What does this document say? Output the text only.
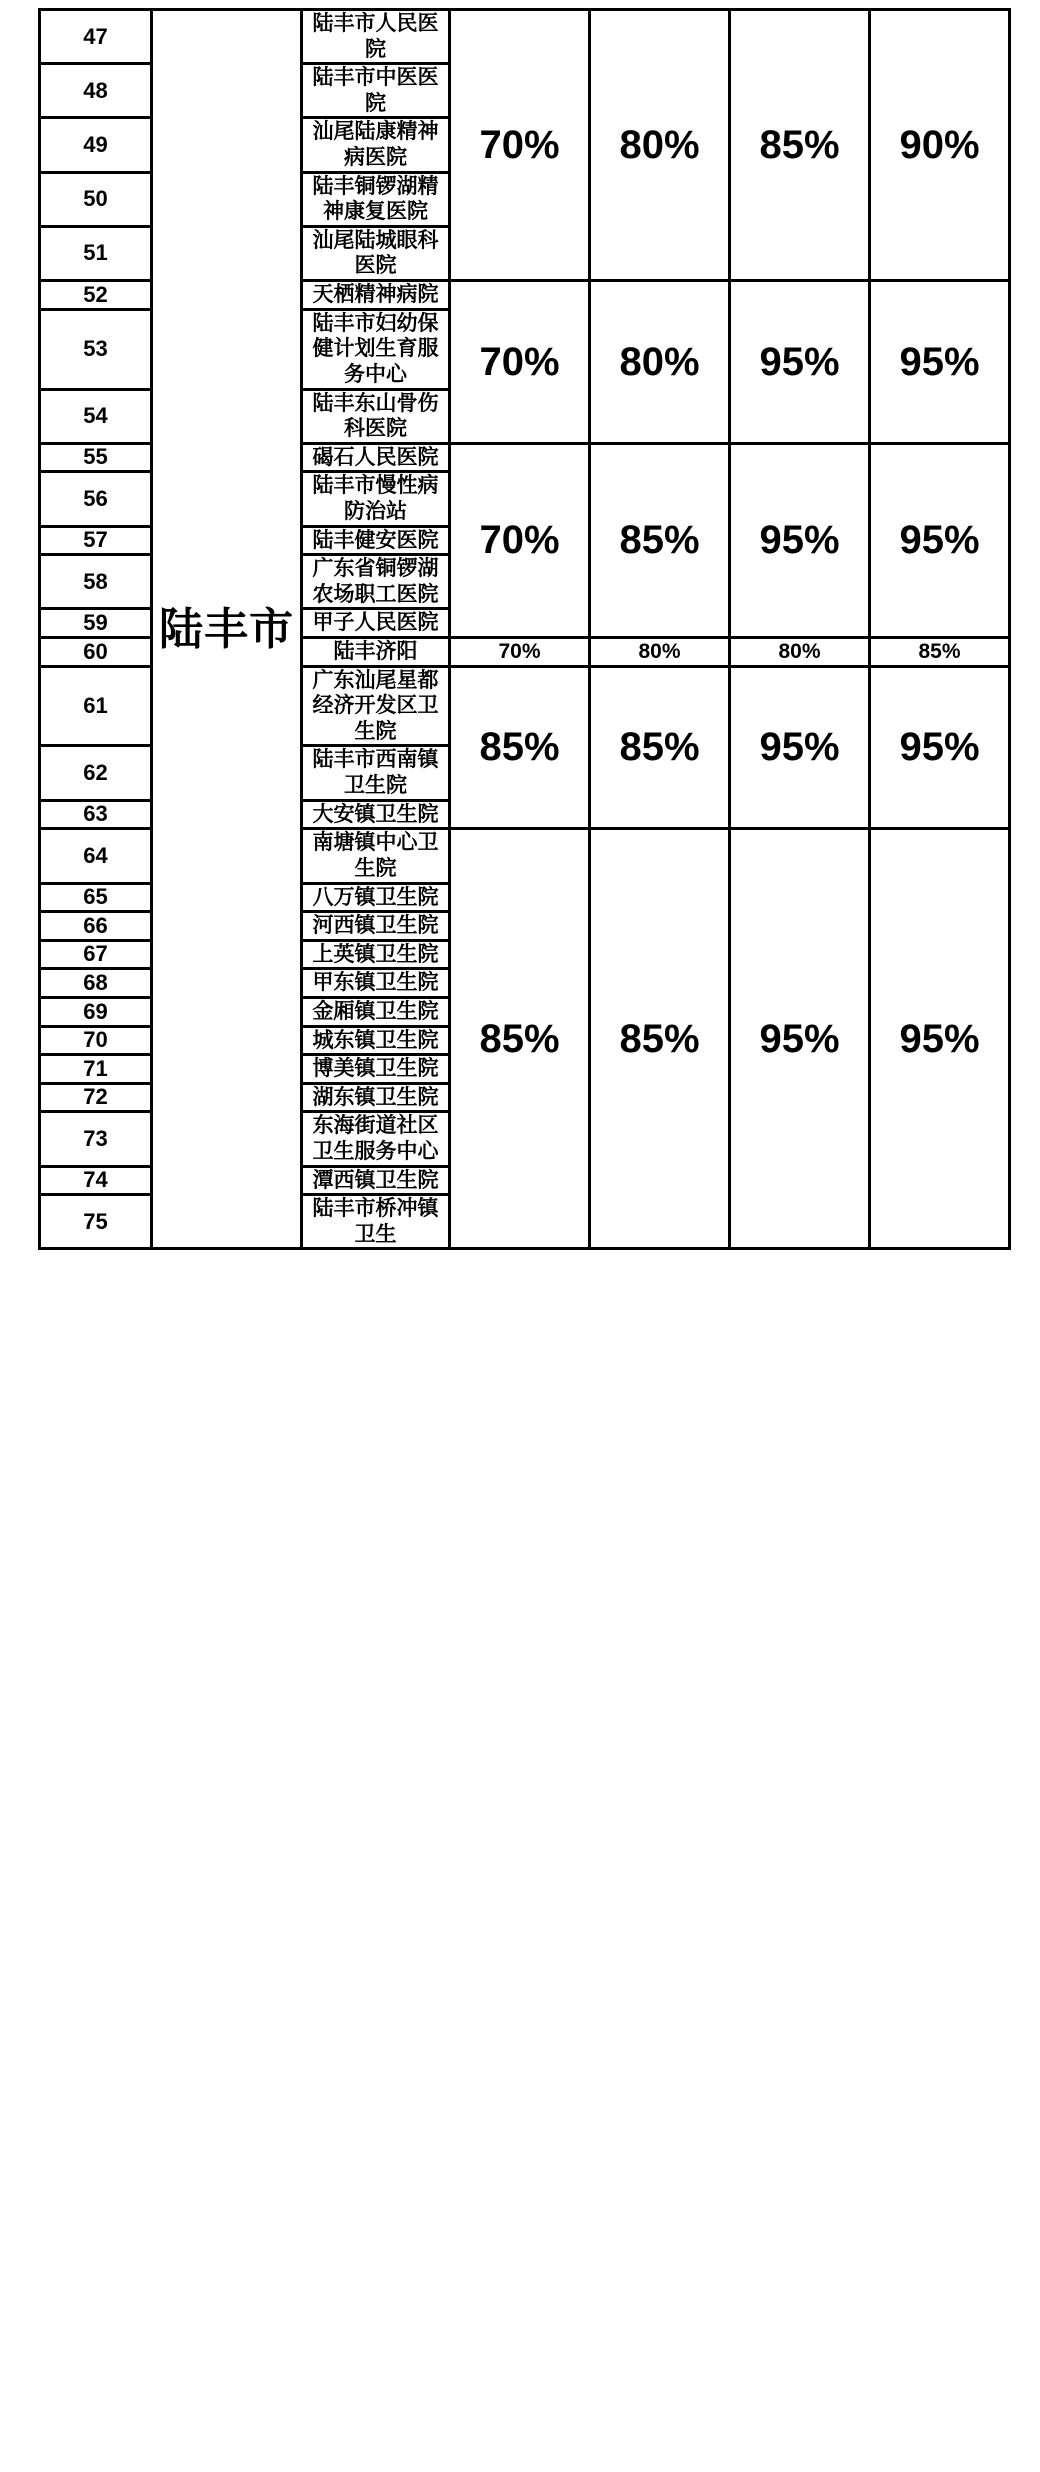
47	陆丰市	陆丰市人民医院	70%	80%	85%	90%
48		陆丰市中医医院				
49		汕尾陆康精神病医院				
50		陆丰铜锣湖精神康复医院				
51		汕尾陆城眼科医院				
52		天栖精神病院	70%	80%	95%	95%
53		陆丰市妇幼保健计划生育服务中心				
54		陆丰东山骨伤科医院				
55		碣石人民医院	70%	85%	95%	95%
56		陆丰市慢性病防治站				
57		陆丰健安医院				
58		广东省铜锣湖农场职工医院				
59		甲子人民医院				
60		陆丰济阳	70%	80%	80%	85%
61		广东汕尾星都经济开发区卫生院	85%	85%	95%	95%
62		陆丰市西南镇卫生院				
63		大安镇卫生院				
64		南塘镇中心卫生院	85%	85%	95%	95%
65		八万镇卫生院				
66		河西镇卫生院				
67		上英镇卫生院				
68		甲东镇卫生院				
69		金厢镇卫生院				
70		城东镇卫生院				
71		博美镇卫生院				
72		湖东镇卫生院				
73		东海街道社区卫生服务中心				
74		潭西镇卫生院				
75		陆丰市桥冲镇卫生				
